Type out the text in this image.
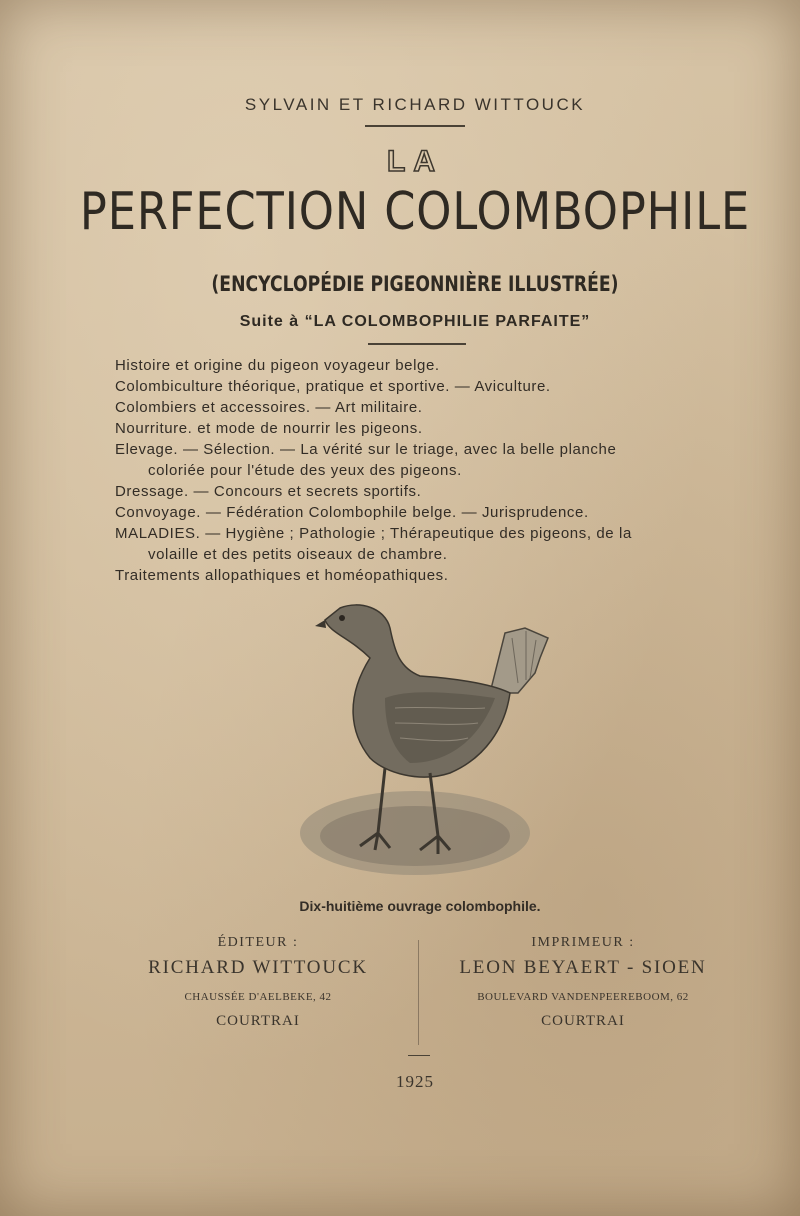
SYLVAIN ET RICHARD WITTOUCK
LA
PERFECTION COLOMBOPHILE
(ENCYCLOPÉDIE PIGEONNIÈRE ILLUSTRÉE)
Suite à “LA COLOMBOPHILIE PARFAITE”
Histoire et origine du pigeon voyageur belge.
Colombiculture théorique, pratique et sportive. — Aviculture.
Colombiers et accessoires. — Art militaire.
Nourriture. et mode de nourrir les pigeons.
Elevage. — Sélection. — La vérité sur le triage, avec la belle planche
coloriée pour l'étude des yeux des pigeons.
Dressage. — Concours et secrets sportifs.
Convoyage. — Fédération Colombophile belge. — Jurisprudence.
MALADIES. — Hygiène ; Pathologie ; Thérapeutique des pigeons, de la
volaille et des petits oiseaux de chambre.
Traitements allopathiques et homéopathiques.
Dix-huitième ouvrage colombophile.
ÉDITEUR :
RICHARD WITTOUCK
CHAUSSÉE D'AELBEKE, 42
COURTRAI
IMPRIMEUR :
LEON BEYAERT - SIOEN
BOULEVARD VANDENPEEREBOOM, 62
COURTRAI
1925
